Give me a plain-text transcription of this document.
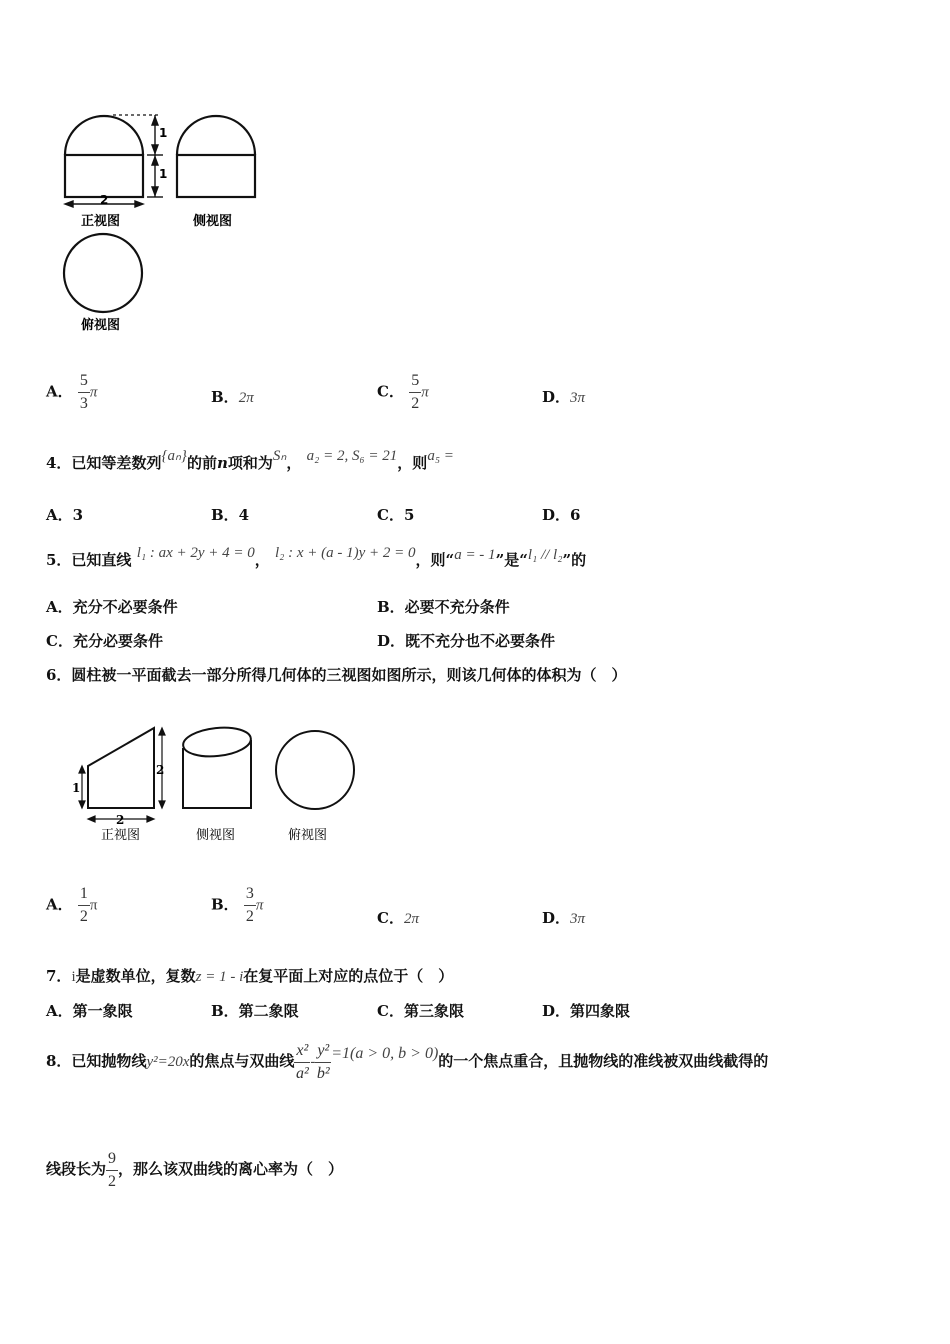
1
1
2
正视图	侧视图
俯视图
A． $\frac{5}{3}$ π	B．2π	C． $\frac{5}{2}$ π	D．3π
4．已知等差数列{aₙ}的前n项和为Sₙ， a₂ = 2, S₆ = 21，则a₅ =
A．3	B．4	C．5	D．6
5．已知直线 l₁ : ax + 2y + 4 = 0， l₂ : x + (a - 1)y + 2 = 0，则“a = - 1”是“l₁ // l₂”的
A．充分不必要条件	B．必要不充分条件
C．充分必要条件	D．既不充分也不必要条件
6．圆柱被一平面截去一部分所得几何体的三视图如图所示，则该几何体的体积为（　）
1
2
2
正视图	侧视图	俯视图
A． $\frac{1}{2}$ π	B． $\frac{3}{2}$ π
C．2π	D．3π
7．i是虚数单位，复数z = 1 - i在复平面上对应的点位于（　）
A．第一象限	B．第二象限	C．第三象限	D．第四象限
8．已知抛物线y²=20x的焦点与双曲线 $\frac{\text{x²}}{\text{a²}} - \frac{\text{y²}}{\text{b²}} =1(a > 0$, b > 0)的一个焦点重合，且抛物线的准线被双曲线截得的
线段长为 $\frac{9}{2}$ ，那么该双曲线的离心率为（　）
